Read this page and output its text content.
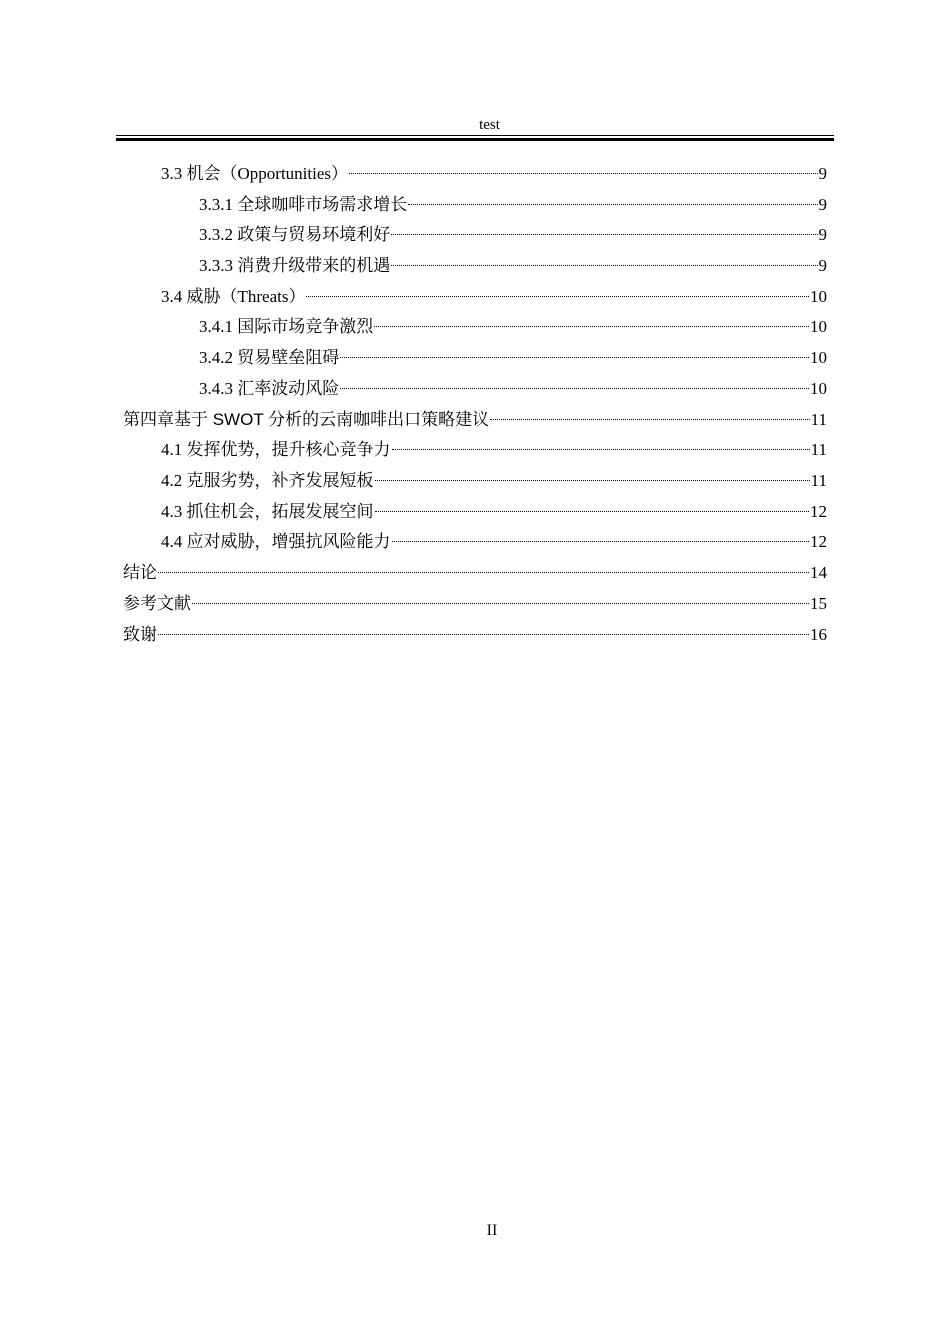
test
3.3 机会（Opportunities）	9
3.3.1 全球咖啡市场需求增长	9
3.3.2 政策与贸易环境利好	9
3.3.3 消费升级带来的机遇	9
3.4 威胁（Threats）	10
3.4.1 国际市场竞争激烈	10
3.4.2 贸易壁垒阻碍	10
3.4.3 汇率波动风险	10
第四章基于 SWOT 分析的云南咖啡出口策略建议	11
4.1 发挥优势，提升核心竞争力	11
4.2 克服劣势，补齐发展短板	11
4.3 抓住机会，拓展发展空间	12
4.4 应对威胁，增强抗风险能力	12
结论	14
参考文献	15
致谢	16
II
